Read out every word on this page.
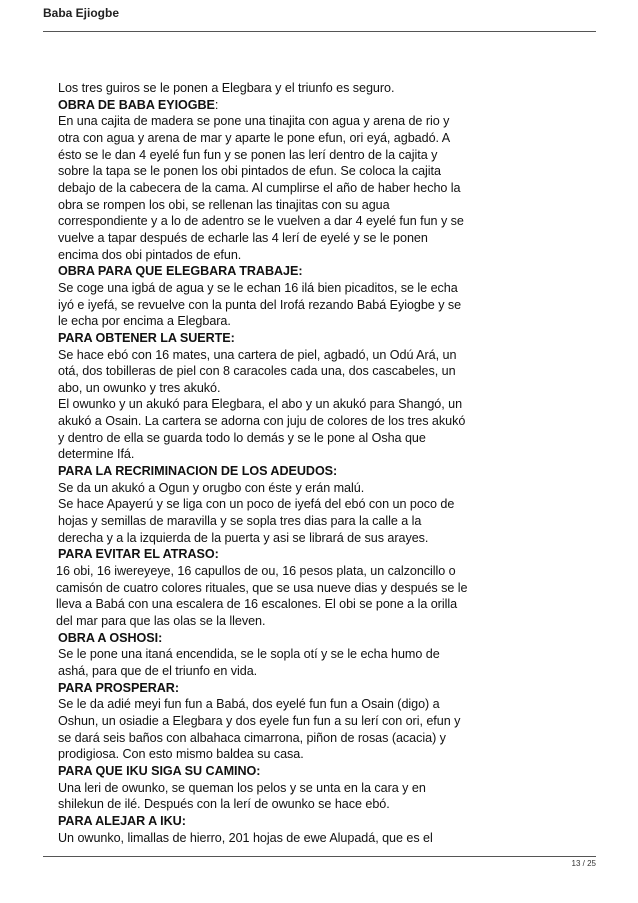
Baba Ejiogbe

Los tres guiros se le ponen a Elegbara y el triunfo es seguro.

OBRA DE BABA EYIOGBE:

En una cajita de madera se pone una tinajita con agua y arena de rio y

otra con agua y arena de mar y aparte le pone efun, ori eyá, agbadó. A

ésto se le dan 4 eyelé fun fun y se ponen las lerí dentro de la cajita y

sobre la tapa se le ponen los obi pintados de efun. Se coloca la cajita

debajo de la cabecera de la cama. Al cumplirse el año de haber hecho la

obra se rompen los obi, se rellenan las tinajitas con su agua

correspondiente y a lo de adentro se le vuelven a dar 4 eyelé fun fun y se

vuelve a tapar después de echarle las 4 lerí de eyelé y se le ponen

encima dos obi pintados de efun.

OBRA PARA QUE ELEGBARA TRABAJE:

Se coge una igbá de agua y se le echan 16 ilá bien picaditos, se le echa

iyó e iyefá, se revuelve con la punta del Irofá rezando Babá Eyiogbe y se

le echa por encima a Elegbara.

PARA OBTENER LA SUERTE:

Se hace ebó con 16 mates, una cartera de piel, agbadó, un Odú Ará, un

otá, dos tobilleras de piel con 8 caracoles cada una, dos cascabeles, un

abo, un owunko y tres akukó.

El owunko y un akukó para Elegbara, el abo y un akukó para Shangó, un

akukó a Osain. La cartera se adorna con juju de colores de los tres akukó

y dentro de ella se guarda todo lo demás y se le pone al Osha que

determine Ifá.

PARA LA RECRIMINACION DE LOS ADEUDOS:

Se da un akukó a Ogun y orugbo con éste y erán malú.

Se hace Apayerú y se liga con un poco de iyefá del ebó con un poco de

hojas y semillas de maravilla y se sopla tres dias para la calle a la

derecha y a la izquierda de la puerta y asi se librará de sus arayes.

PARA EVITAR EL ATRASO:

16 obi, 16 iwereyeye, 16 capullos de ou, 16 pesos plata, un calzoncillo o

camisón de cuatro colores rituales, que se usa nueve dias y después se le

lleva a Babá con una escalera de 16 escalones. El obi se pone a la orilla

del mar para que las olas se la lleven.

OBRA A OSHOSI:

Se le pone una itaná encendida, se le sopla otí y se le echa humo de

ashá, para que de el triunfo en vida.

PARA PROSPERAR:

Se le da adié meyi fun fun a Babá, dos eyelé fun fun a Osain (digo) a

Oshun, un osiadie a Elegbara y dos eyele fun fun a su lerí con ori, efun y

se dará seis baños con albahaca cimarrona, piñon de rosas (acacia) y

prodigiosa. Con esto mismo baldea su casa.

PARA QUE IKU SIGA SU CAMINO:

Una leri de owunko, se queman los pelos y se unta en la cara y en

shilekun de ilé. Después con la lerí de owunko se hace ebó.

PARA ALEJAR A IKU:

Un owunko, limallas de hierro, 201 hojas de ewe Alupadá, que es el

13 / 25
